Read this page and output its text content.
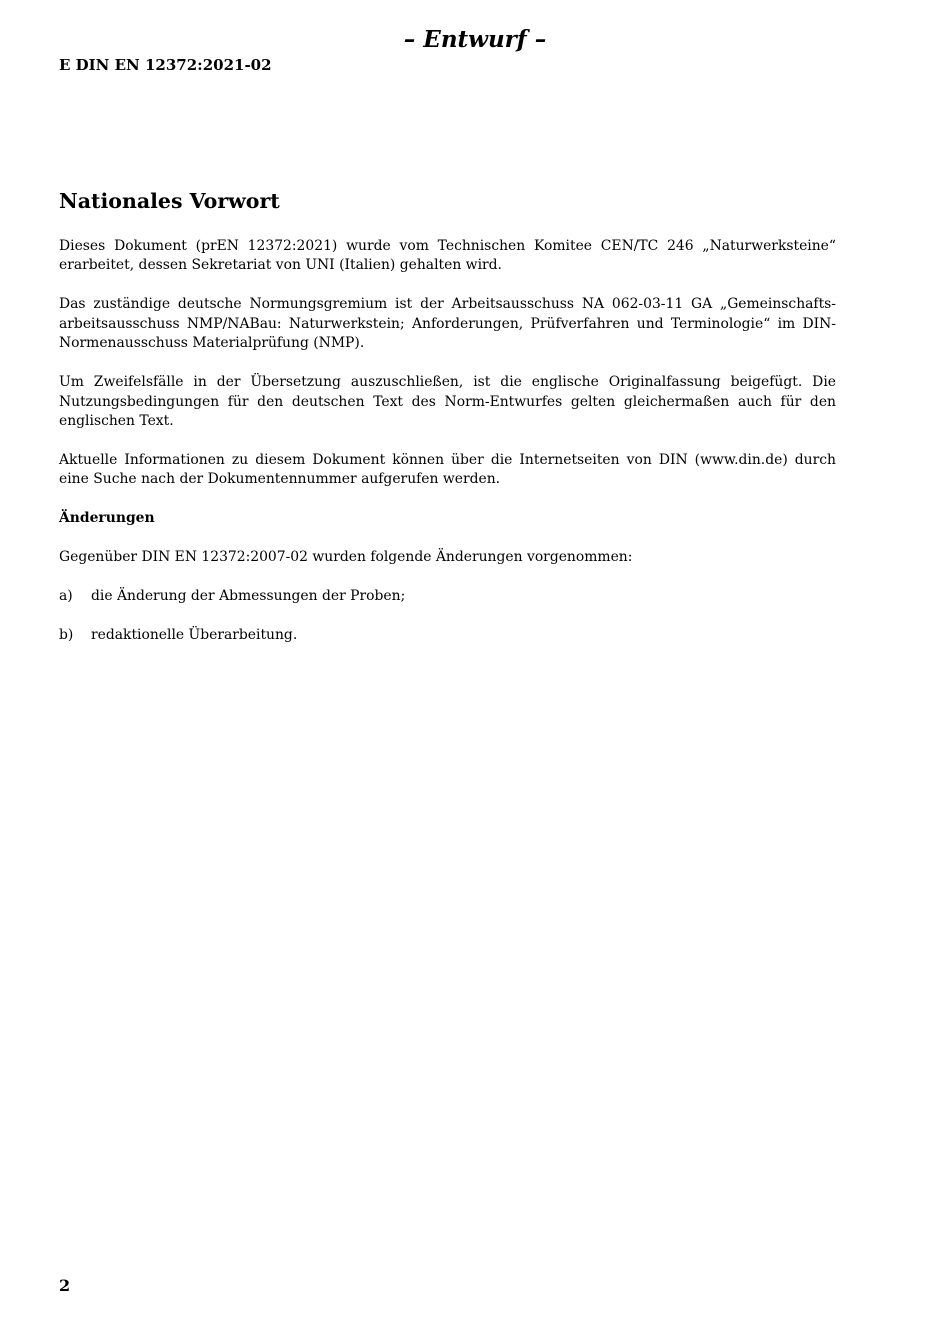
– Entwurf –
E DIN EN 12372:2021-02
Nationales Vorwort

Dieses Dokument (prEN 12372:2021) wurde vom Technischen Komitee CEN/TC 246 „Naturwerksteine“ erarbeitet, dessen Sekretariat von UNI (Italien) gehalten wird.

Das zuständige deutsche Normungsgremium ist der Arbeitsausschuss NA 062-03-11 GA „Gemeinschaftsarbeitsausschuss NMP/NABau: Naturwerkstein; Anforderungen, Prüfverfahren und Terminologie“ im DIN-Normenausschuss Materialprüfung (NMP).

Um Zweifelsfälle in der Übersetzung auszuschließen, ist die englische Originalfassung beigefügt. Die Nutzungsbedingungen für den deutschen Text des Norm-Entwurfes gelten gleichermaßen auch für den englischen Text.

Aktuelle Informationen zu diesem Dokument können über die Internetseiten von DIN (www.din.de) durch eine Suche nach der Dokumentennummer aufgerufen werden.

Änderungen

Gegenüber DIN EN 12372:2007-02 wurden folgende Änderungen vorgenommen:

a)	die Änderung der Abmessungen der Proben;
b)	redaktionelle Überarbeitung.
2
